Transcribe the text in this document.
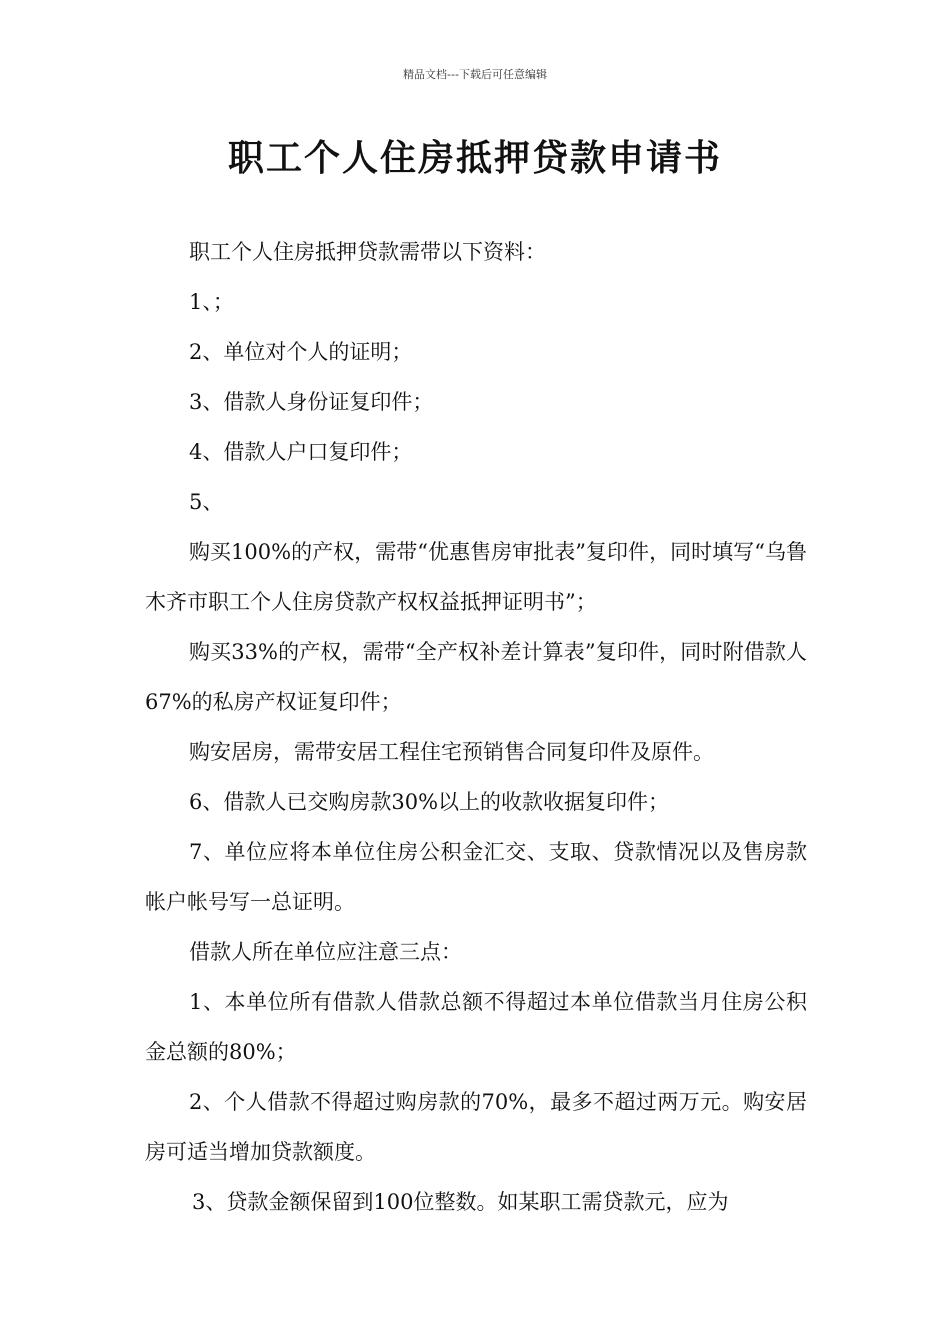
精品文档---下载后可任意编辑
职工个人住房抵押贷款申请书

职工个人住房抵押贷款需带以下资料：

1、；

2、单位对个人的证明；

3、借款人身份证复印件；

4、借款人户口复印件；

5、

购买100%的产权，需带“优惠售房审批表”复印件，同时填写“乌鲁木齐市职工个人住房贷款产权权益抵押证明书”；

购买33%的产权，需带“全产权补差计算表”复印件，同时附借款人67%的私房产权证复印件；

购安居房，需带安居工程住宅预销售合同复印件及原件。

6、借款人已交购房款30%以上的收款收据复印件；

7、单位应将本单位住房公积金汇交、支取、贷款情况以及售房款帐户帐号写一总证明。

借款人所在单位应注意三点：

1、本单位所有借款人借款总额不得超过本单位借款当月住房公积金总额的80%；

2、个人借款不得超过购房款的70%，最多不超过两万元。购安居房可适当增加贷款额度。

3、贷款金额保留到100位整数。如某职工需贷款元，应为
